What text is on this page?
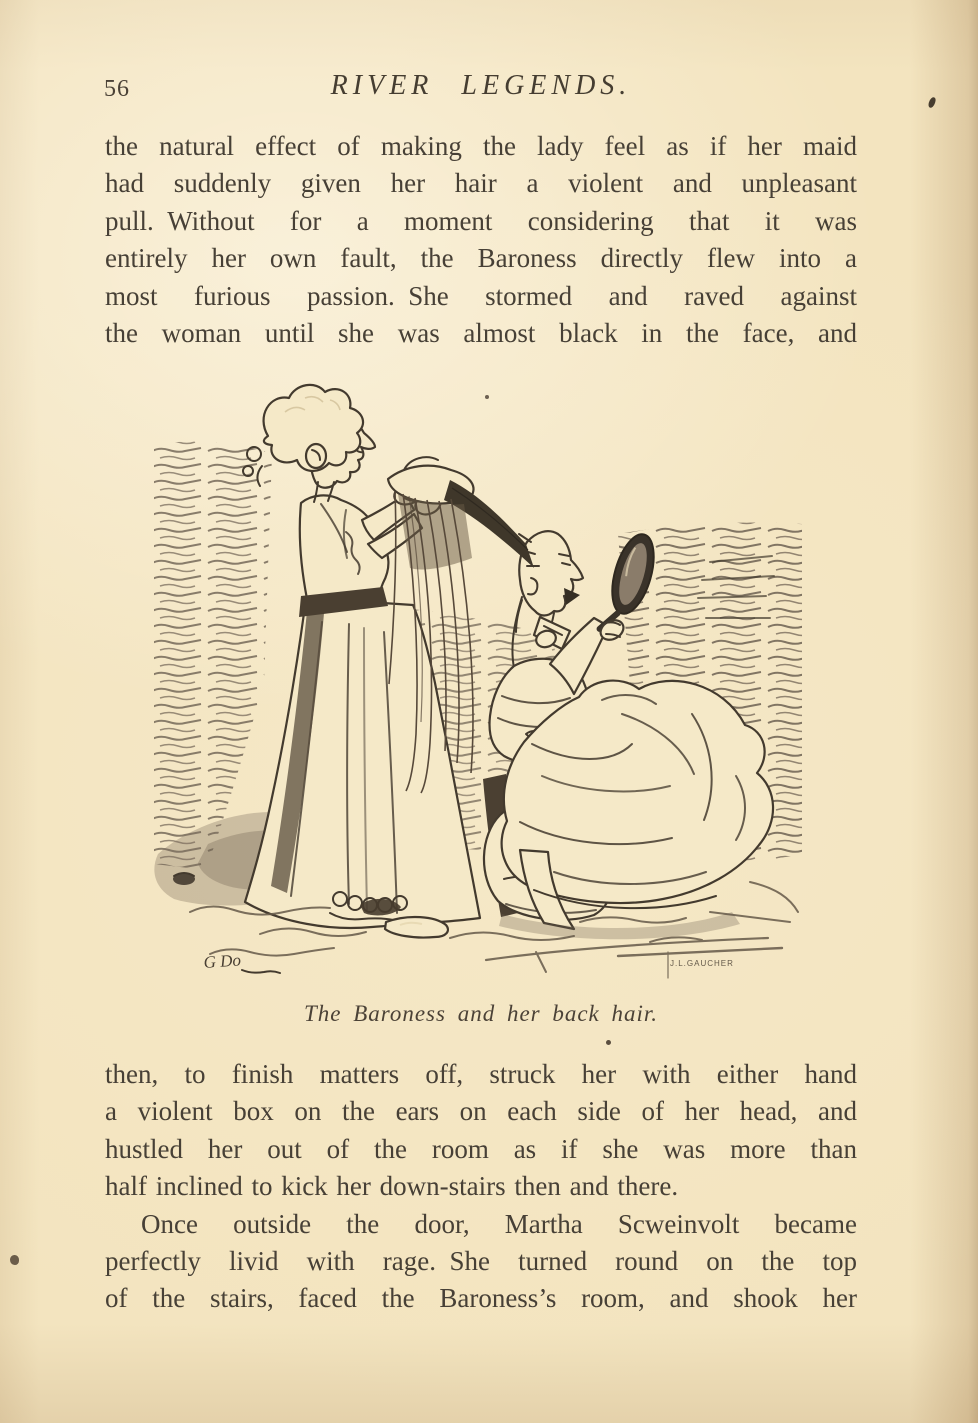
56	RIVER LEGENDS.
the natural effect of making the lady feel as if her maid
had suddenly given her hair a violent and unpleasant
pull. Without for a moment considering that it was
entirely her own fault, the Baroness directly flew into a
most furious passion. She stormed and raved against
the woman until she was almost black in the face, and
G Do	J.L.GAUCHER
The Baroness and her back hair.
then, to finish matters off, struck her with either hand
a violent box on the ears on each side of her head, and
hustled her out of the room as if she was more than
half inclined to kick her down-stairs then and there.
Once outside the door, Martha Scweinvolt became
perfectly livid with rage. She turned round on the top
of the stairs, faced the Baroness’s room, and shook her
